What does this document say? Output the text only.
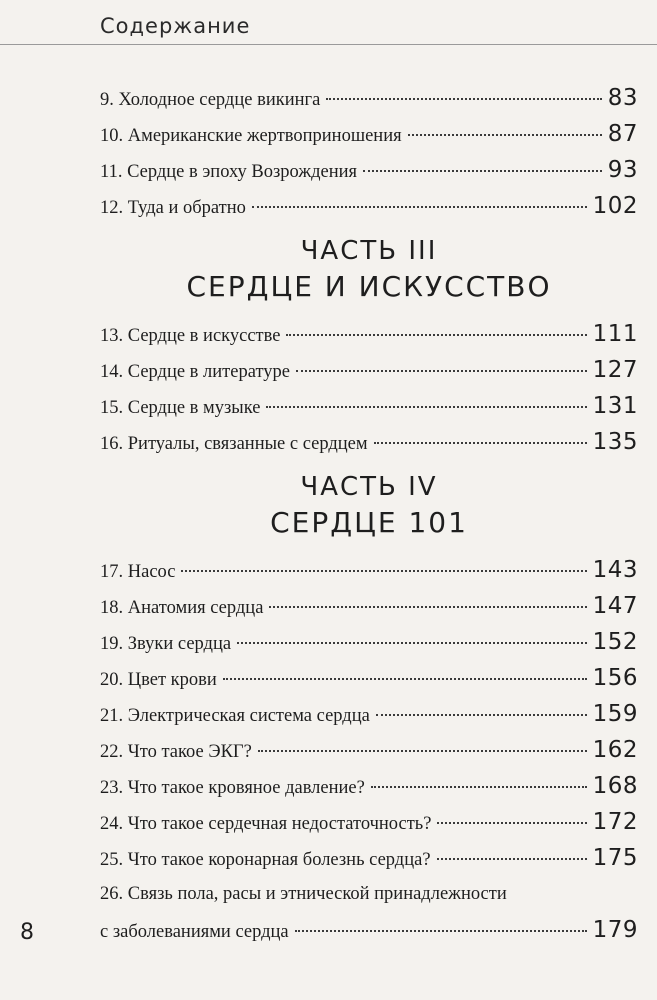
Содержание
9. Холодное сердце викинга	83
10. Американские жертвоприношения	87
11. Сердце в эпоху Возрождения	93
12. Туда и обратно	102
ЧАСТЬ III
СЕРДЦЕ И ИСКУССТВО
13. Сердце в искусстве	111
14. Сердце в литературе	127
15. Сердце в музыке	131
16. Ритуалы, связанные с сердцем	135
ЧАСТЬ IV
СЕРДЦЕ 101
17. Насос	143
18. Анатомия сердца	147
19. Звуки сердца	152
20. Цвет крови	156
21. Электрическая система сердца	159
22. Что такое ЭКГ?	162
23. Что такое кровяное давление?	168
24. Что такое сердечная недостаточность?	172
25. Что такое коронарная болезнь сердца?	175
26. Связь пола, расы и этнической принадлежности
с заболеваниями сердца	179
8
